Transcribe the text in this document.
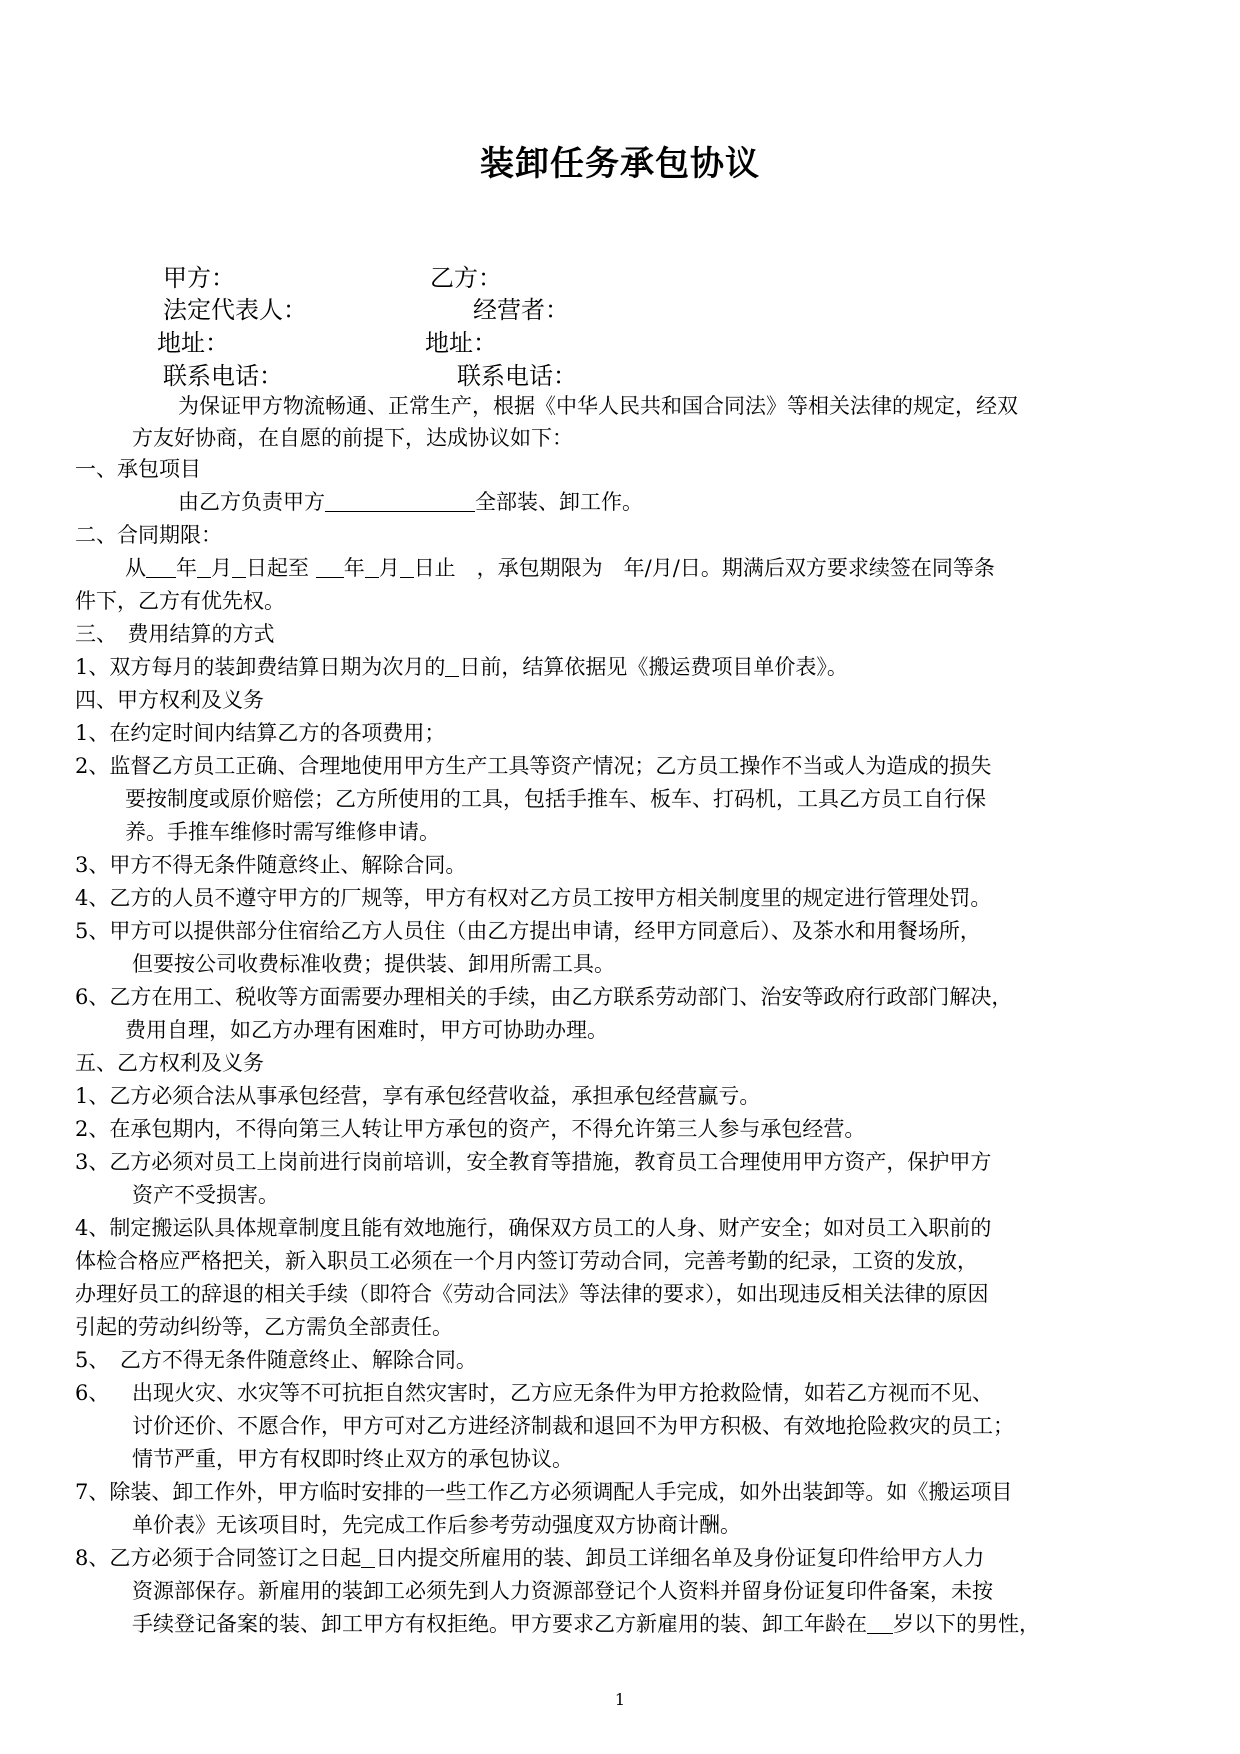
装卸任务承包协议
甲方：	乙方：
法定代表人：	经营者：
地址：	地址：
联系电话：	联系电话：
为保证甲方物流畅通、正常生产，根据《中华人民共和国合同法》等相关法律的规定，经双
方友好协商，在自愿的前提下，达成协议如下：
一、承包项目
由乙方负责甲方	全部装、卸工作。
二、合同期限：
从 年 月 日起至 年 月 日止　，承包期限为　年/月/日。期满后双方要求续签在同等条
件下，乙方有优先权。
三、　费用结算的方式
1、双方每月的装卸费结算日期为次月的 日前，结算依据见《搬运费项目单价表》。
四、甲方权利及义务
1、在约定时间内结算乙方的各项费用；
2、监督乙方员工正确、合理地使用甲方生产工具等资产情况；乙方员工操作不当或人为造成的损失
要按制度或原价赔偿；乙方所使用的工具，包括手推车、板车、打码机，工具乙方员工自行保
养。手推车维修时需写维修申请。
3、甲方不得无条件随意终止、解除合同。
4、乙方的人员不遵守甲方的厂规等，甲方有权对乙方员工按甲方相关制度里的规定进行管理处罚。
5、甲方可以提供部分住宿给乙方人员住（由乙方提出申请，经甲方同意后）、及茶水和用餐场所，
但要按公司收费标准收费；提供装、卸用所需工具。
6、乙方在用工、税收等方面需要办理相关的手续，由乙方联系劳动部门、治安等政府行政部门解决，
费用自理，如乙方办理有困难时，甲方可协助办理。
五、乙方权利及义务
1、乙方必须合法从事承包经营，享有承包经营收益，承担承包经营赢亏。
2、在承包期内，不得向第三人转让甲方承包的资产，不得允许第三人参与承包经营。
3、乙方必须对员工上岗前进行岗前培训，安全教育等措施，教育员工合理使用甲方资产，保护甲方
资产不受损害。
4、制定搬运队具体规章制度且能有效地施行，确保双方员工的人身、财产安全；如对员工入职前的
体检合格应严格把关，新入职员工必须在一个月内签订劳动合同，完善考勤的纪录，工资的发放，
办理好员工的辞退的相关手续（即符合《劳动合同法》等法律的要求），如出现违反相关法律的原因
引起的劳动纠纷等，乙方需负全部责任。
5、　乙方不得无条件随意终止、解除合同。
6、	出现火灾、水灾等不可抗拒自然灾害时，乙方应无条件为甲方抢救险情，如若乙方视而不见、
讨价还价、不愿合作，甲方可对乙方进经济制裁和退回不为甲方积极、有效地抢险救灾的员工；
情节严重，甲方有权即时终止双方的承包协议。
7、除装、卸工作外，甲方临时安排的一些工作乙方必须调配人手完成，如外出装卸等。如《搬运项目
单价表》无该项目时，先完成工作后参考劳动强度双方协商计酬。
8、乙方必须于合同签订之日起 日内提交所雇用的装、卸员工详细名单及身份证复印件给甲方人力
资源部保存。新雇用的装卸工必须先到人力资源部登记个人资料并留身份证复印件备案，未按
手续登记备案的装、卸工甲方有权拒绝。甲方要求乙方新雇用的装、卸工年龄在 岁以下的男性，
1
